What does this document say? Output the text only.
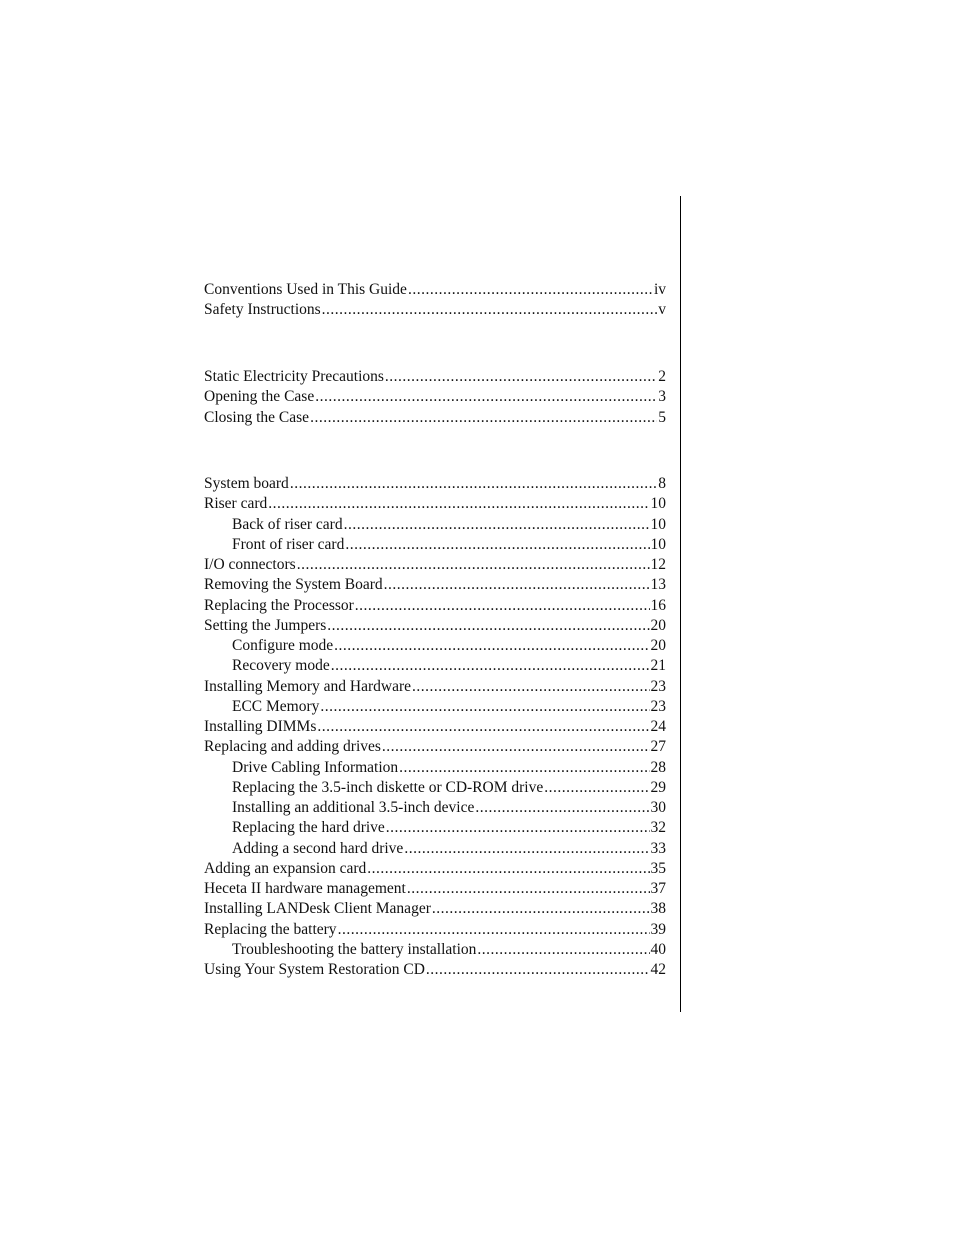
Conventions Used in This Guide .....	iv
Safety Instructions .....	v
Static Electricity Precautions .....	2
Opening the Case .....	3
Closing the Case .....	5
System board .....	8
Riser card .....	10
Back of riser card .....	10
Front of riser card .....	10
I/O connectors .....	12
Removing the System Board .....	13
Replacing the Processor .....	16
Setting the Jumpers .....	20
Configure mode .....	20
Recovery mode .....	21
Installing Memory and Hardware .....	23
ECC Memory .....	23
Installing DIMMs .....	24
Replacing and adding drives .....	27
Drive Cabling Information .....	28
Replacing the 3.5-inch diskette or CD-ROM drive .....	29
Installing an additional 3.5-inch device .....	30
Replacing the hard drive .....	32
Adding a second hard drive .....	33
Adding an expansion card .....	35
Heceta II hardware management .....	37
Installing LANDesk Client Manager .....	38
Replacing the battery .....	39
Troubleshooting the battery installation .....	40
Using Your System Restoration CD .....	42
